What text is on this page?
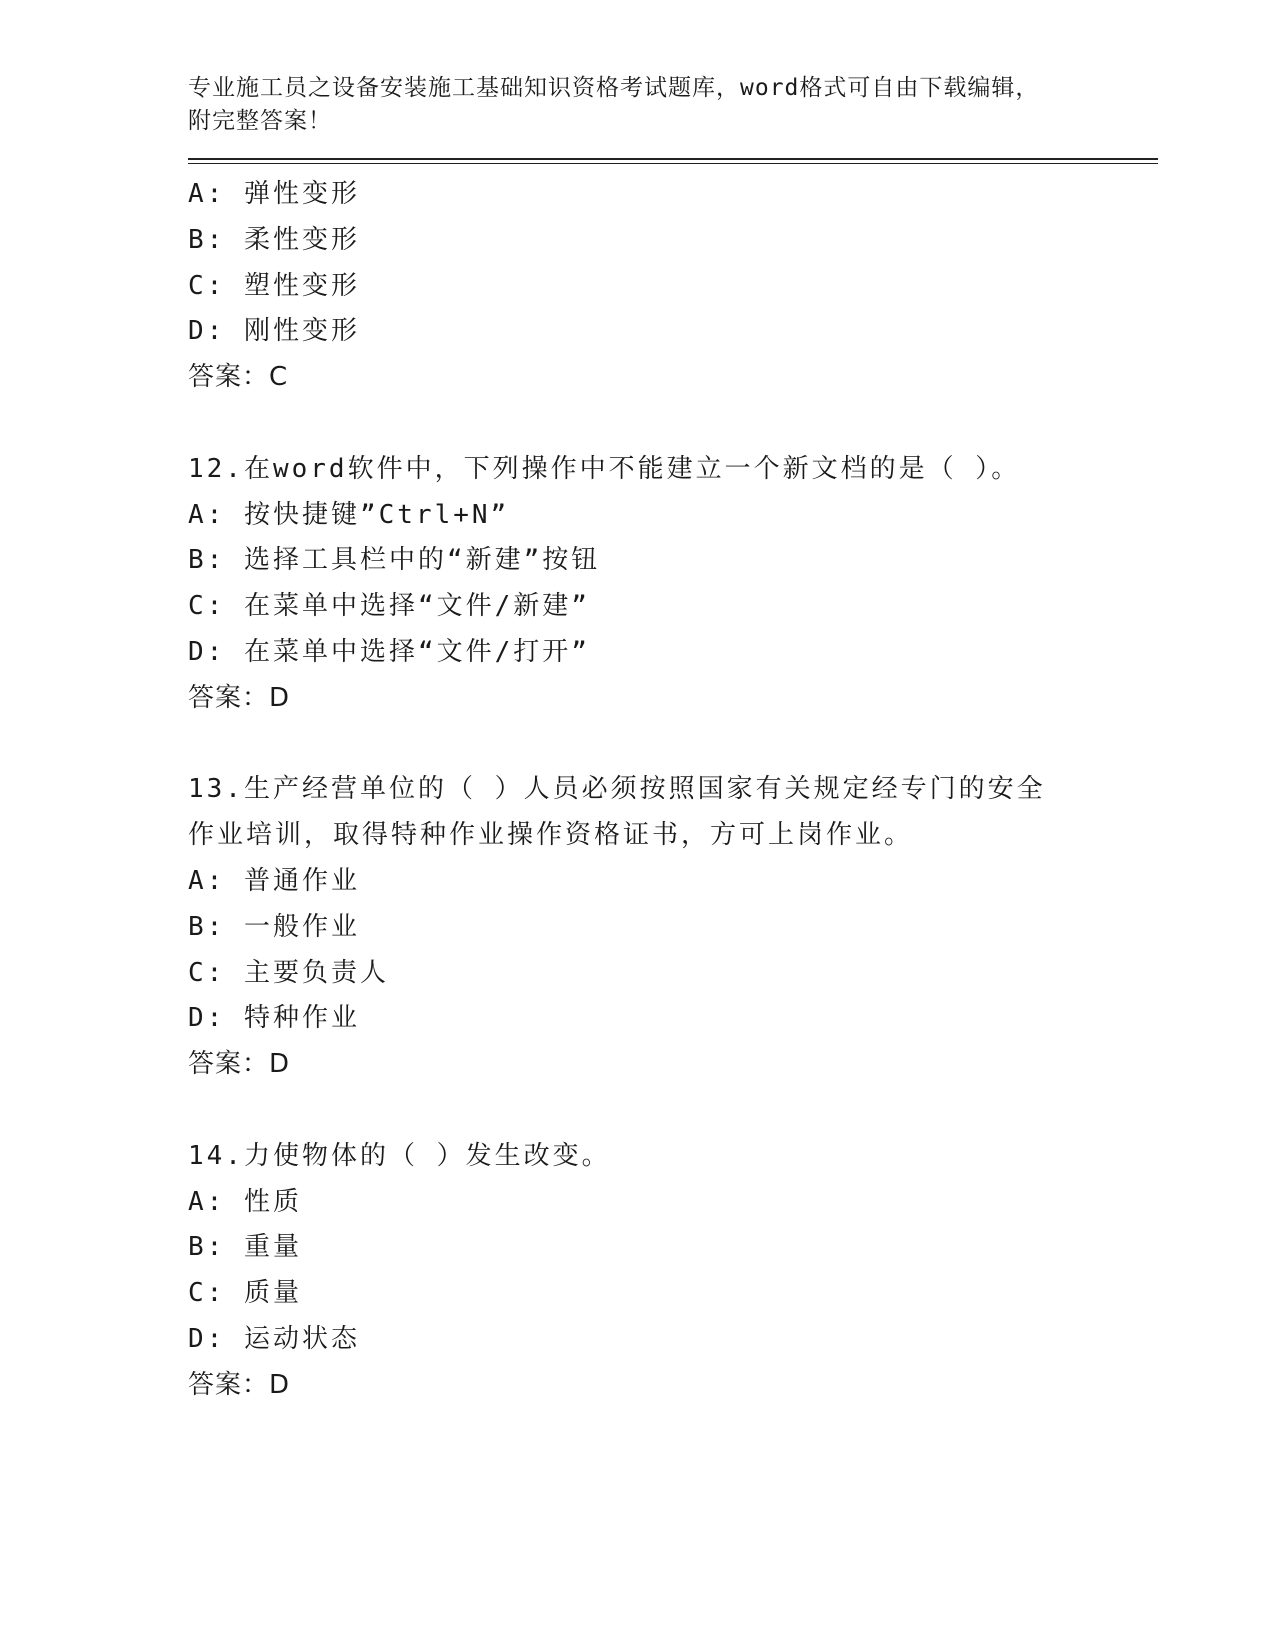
专业施工员之设备安装施工基础知识资格考试题库，word格式可自由下载编辑，
附完整答案！
A: 弹性变形
B: 柔性变形
C: 塑性变形
D: 刚性变形
答案：C
12.在word软件中，下列操作中不能建立一个新文档的是（ ）。
A: 按快捷键”Ctrl+N”
B: 选择工具栏中的“新建”按钮
C: 在菜单中选择“文件/新建”
D: 在菜单中选择“文件/打开”
答案：D
13.生产经营单位的（ ）人员必须按照国家有关规定经专门的安全作业培训，取得特种作业操作资格证书，方可上岗作业。
A: 普通作业
B: 一般作业
C: 主要负责人
D: 特种作业
答案：D
14.力使物体的（ ）发生改变。
A: 性质
B: 重量
C: 质量
D: 运动状态
答案：D
